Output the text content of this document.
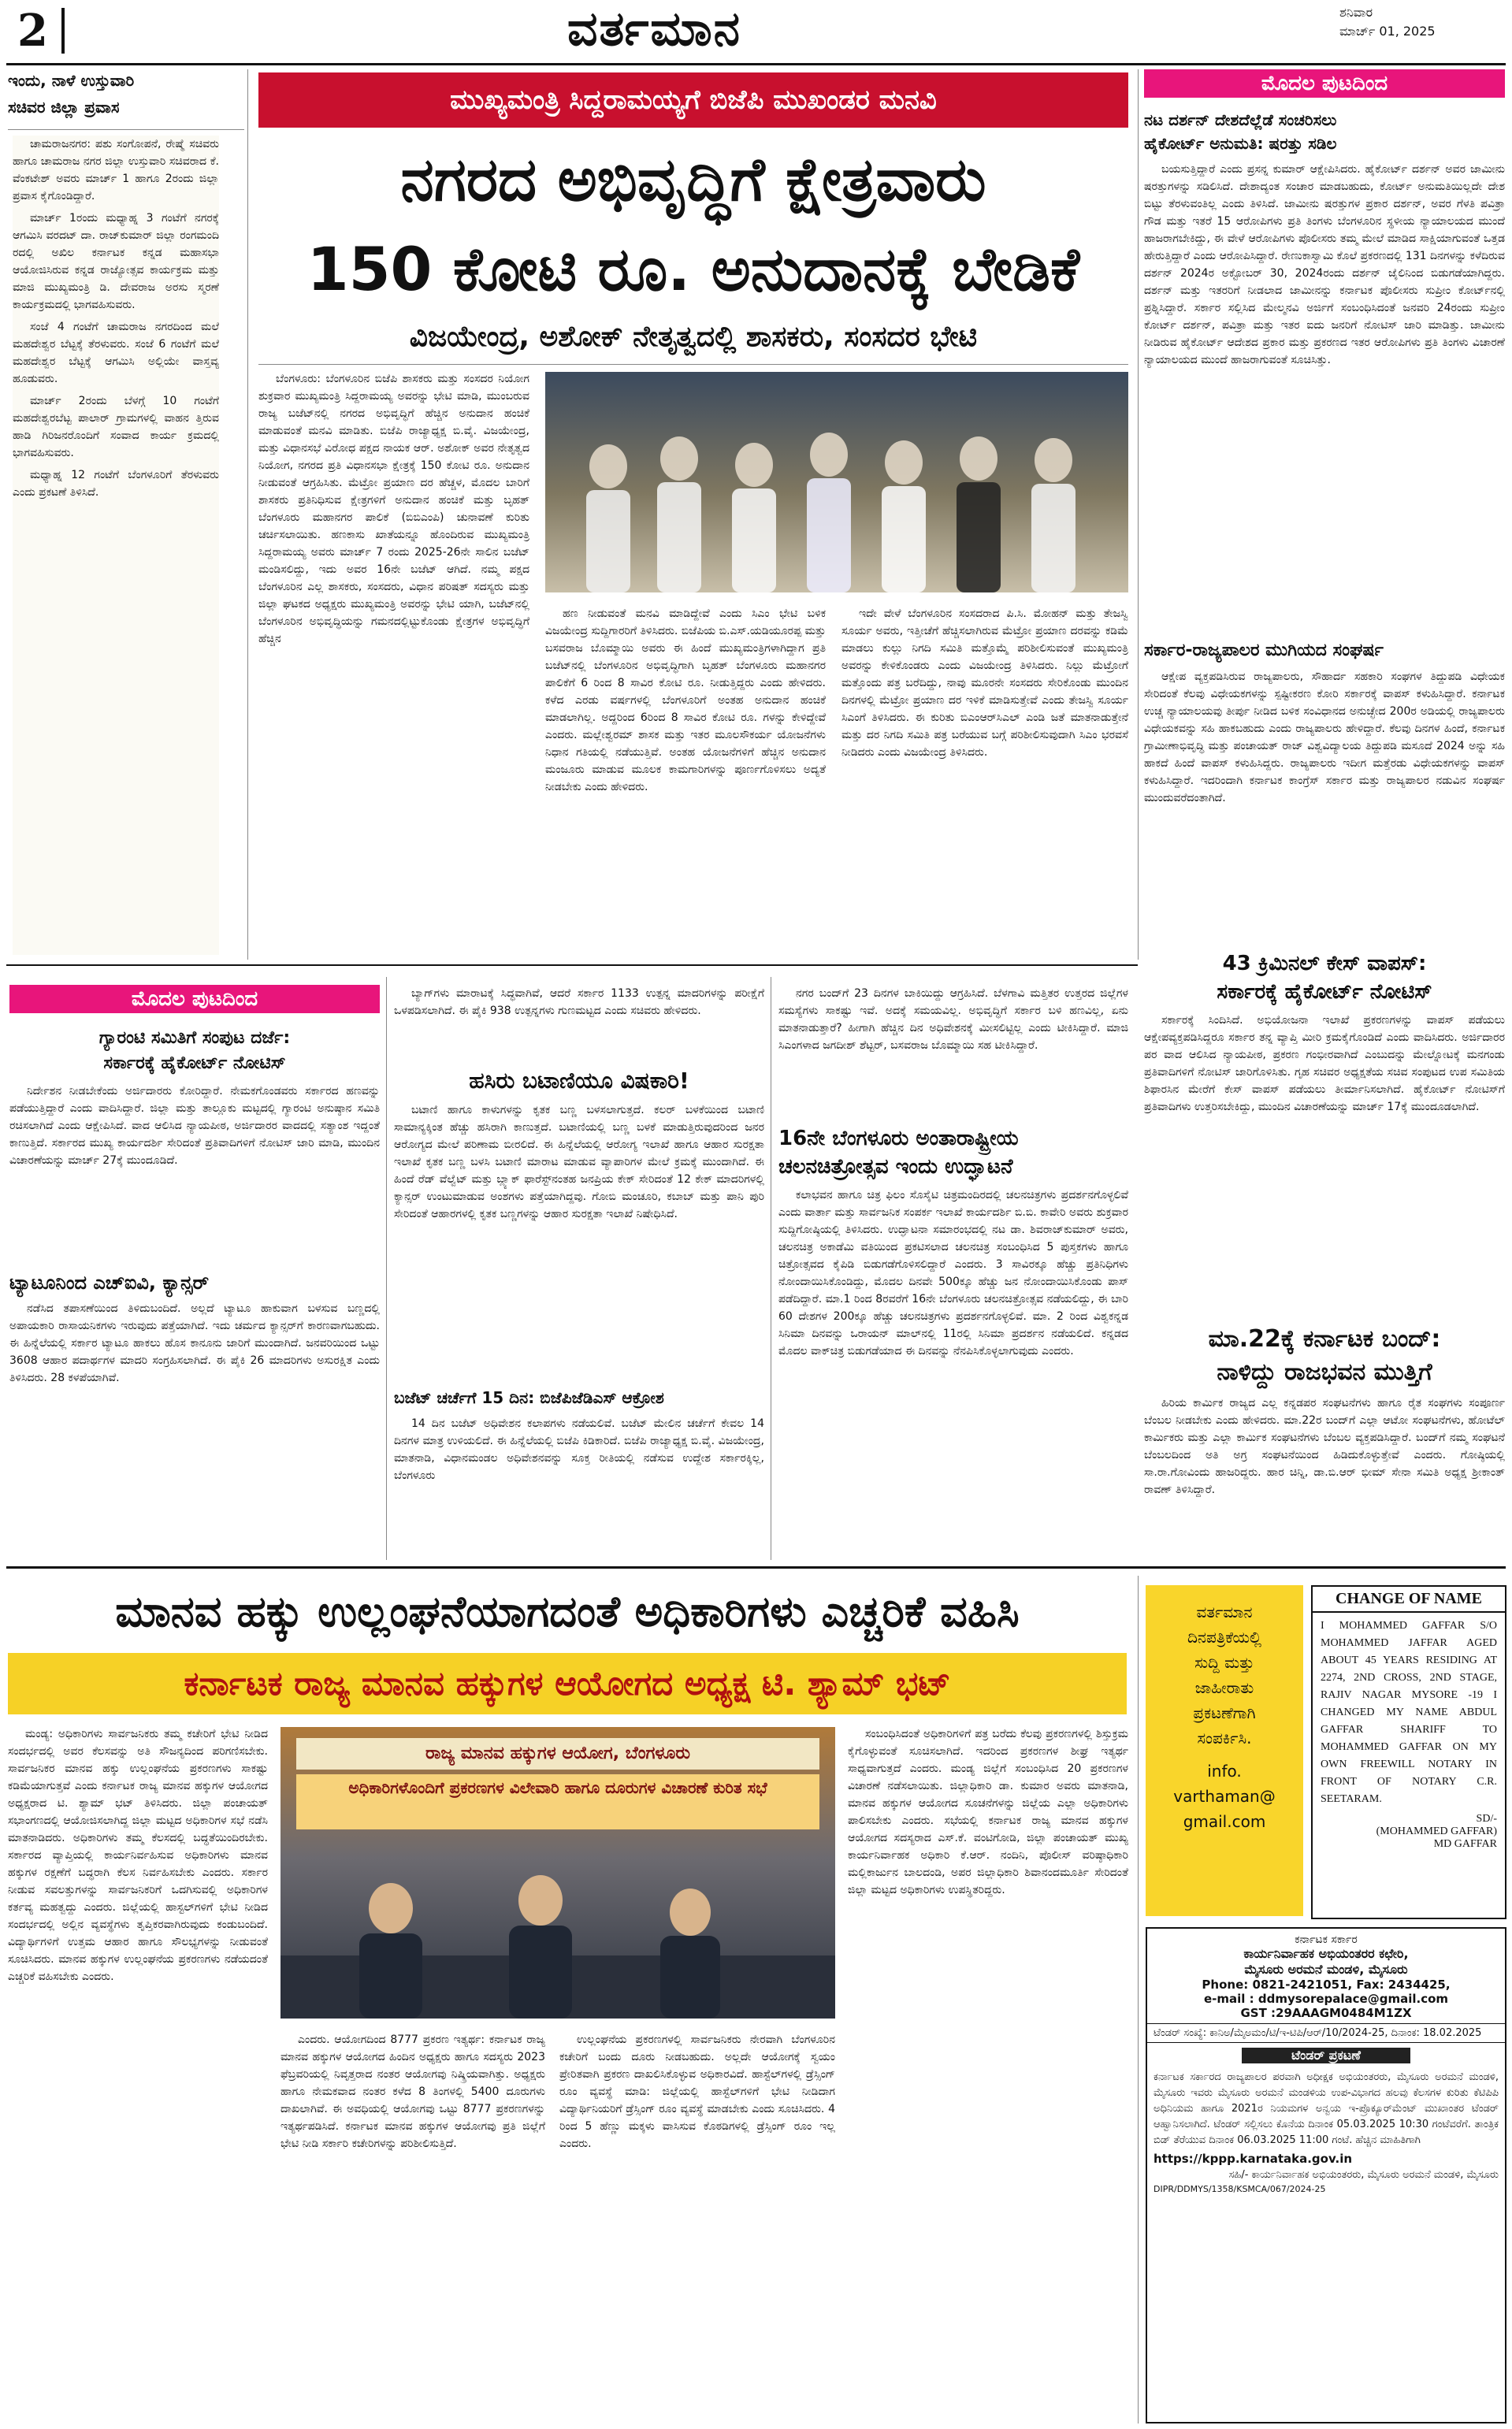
2	ವರ್ತಮಾನ	ಶನಿವಾರ
ಮಾರ್ಚ್ 01, 2025
ಇಂದು, ನಾಳೆ ಉಸ್ತುವಾರಿ
ಸಚಿವರ ಜಿಲ್ಲಾ ಪ್ರವಾಸ

ಚಾಮರಾಜನಗರ: ಪಶು ಸಂಗೋಪನೆ, ರೇಷ್ಮೆ ಸಚಿವರು ಹಾಗೂ ಚಾಮರಾಜ ನಗರ ಜಿಲ್ಲಾ ಉಸ್ತುವಾರಿ ಸಚಿವರಾದ ಕೆ. ವೆಂಕಟೇಶ್ ಅವರು ಮಾರ್ಚ್ 1 ಹಾಗೂ 2ರಂದು ಜಿಲ್ಲಾ ಪ್ರವಾಸ ಕೈಗೊಂಡಿದ್ದಾರೆ.

ಮಾರ್ಚ್ 1ರಂದು ಮಧ್ಯಾಹ್ನ 3 ಗಂಟೆಗೆ ನಗರಕ್ಕೆ ಆಗಮಿಸಿ ವರದಟ್ ದಾ. ರಾಜ್‌ಕುಮಾರ್ ಜಿಲ್ಲಾ ರಂಗಮಂದಿ ರದಲ್ಲಿ ಅಖಿಲ ಕರ್ನಾಟಕ ಕನ್ನಡ ಮಹಾಸಭಾ ಆಯೋಜಿಸಿರುವ ಕನ್ನಡ ರಾಜ್ಯೋತ್ಸವ ಕಾರ್ಯಕ್ರಮ ಮತ್ತು ಮಾಜಿ ಮುಖ್ಯಮಂತ್ರಿ ಡಿ. ದೇವರಾಜ ಅರಸು ಸ್ಮರಣೆ ಕಾರ್ಯಕ್ರಮದಲ್ಲಿ ಭಾಗವಹಿಸುವರು.

ಸಂಜೆ 4 ಗಂಟೆಗೆ ಚಾಮರಾಜ ನಗರದಿಂದ ಮಲೆ ಮಹದೇಶ್ವರ ಬೆಟ್ಟಕ್ಕೆ ತೆರಳುವರು. ಸಂಜೆ 6 ಗಂಟೆಗೆ ಮಲೆ ಮಹದೇಶ್ವರ ಬೆಟ್ಟಕ್ಕೆ ಆಗಮಿಸಿ ಅಲ್ಲಿಯೇ ವಾಸ್ತವ್ಯ ಹೂಡುವರು.

ಮಾರ್ಚ್ 2ರಂದು ಬೆಳಗ್ಗೆ 10 ಗಂಟೆಗೆ ಮಹದೇಶ್ವರಬೆಟ್ಟ ಪಾಲಾರ್ ಗ್ರಾಮಗಳಲ್ಲಿ ವಾಹನ ತ್ತಿರುವ ಹಾಡಿ ಗಿರಿಜನರೊಂದಿಗೆ ಸಂವಾದ ಕಾರ್ಯ ಕ್ರಮದಲ್ಲಿ ಭಾಗವಹಿಸುವರು.

ಮಧ್ಯಾಹ್ನ 12 ಗಂಟೆಗೆ ಬೆಂಗಳೂರಿಗೆ ತೆರಳುವರು ಎಂದು ಪ್ರಕಟಣೆ ತಿಳಿಸಿದೆ.

ಮುಖ್ಯಮಂತ್ರಿ ಸಿದ್ದರಾಮಯ್ಯಗೆ ಬಿಜೆಪಿ ಮುಖಂಡರ ಮನವಿ
ನಗರದ ಅಭಿವೃದ್ಧಿಗೆ ಕ್ಷೇತ್ರವಾರು
150 ಕೋಟಿ ರೂ. ಅನುದಾನಕ್ಕೆ ಬೇಡಿಕೆ
ವಿಜಯೇಂದ್ರ, ಅಶೋಕ್ ನೇತೃತ್ವದಲ್ಲಿ ಶಾಸಕರು, ಸಂಸದರ ಭೇಟಿ

ಬೆಂಗಳೂರು: ಬೆಂಗಳೂರಿನ ಬಿಜೆಪಿ ಶಾಸಕರು ಮತ್ತು ಸಂಸದರ ನಿಯೋಗ ಶುಕ್ರವಾರ ಮುಖ್ಯಮಂತ್ರಿ ಸಿದ್ದರಾಮಯ್ಯ ಅವರನ್ನು ಭೇಟಿ ಮಾಡಿ, ಮುಂಬರುವ ರಾಜ್ಯ ಬಜೆಟ್‌ನಲ್ಲಿ ನಗರದ ಅಭಿವೃದ್ಧಿಗೆ ಹೆಚ್ಚಿನ ಅನುದಾನ ಹಂಚಿಕೆ ಮಾಡುವಂತೆ ಮನವಿ ಮಾಡಿತು. ಬಿಜೆಪಿ ರಾಜ್ಯಾಧ್ಯಕ್ಷ ಬಿ.ವೈ. ವಿಜಯೇಂದ್ರ, ಮತ್ತು ವಿಧಾನಸಭೆ ವಿರೋಧ ಪಕ್ಷದ ನಾಯಕ ಆರ್. ಅಶೋಕ್ ಅವರ ನೇತೃತ್ವದ ನಿಯೋಗ, ನಗರದ ಪ್ರತಿ ವಿಧಾನಸಭಾ ಕ್ಷೇತ್ರಕ್ಕೆ 150 ಕೋಟಿ ರೂ. ಅನುದಾನ ನೀಡುವಂತೆ ಆಗ್ರಹಿಸಿತು. ಮೆಟ್ರೋ ಪ್ರಯಾಣ ದರ ಹೆಚ್ಚಳ, ಮೊದಲ ಬಾರಿಗೆ ಶಾಸಕರು ಪ್ರತಿನಿಧಿಸುವ ಕ್ಷೇತ್ರಗಳಿಗೆ ಅನುದಾನ ಹಂಚಿಕೆ ಮತ್ತು ಬೃಹತ್ ಬೆಂಗಳೂರು ಮಹಾನಗರ ಪಾಲಿಕೆ (ಬಿಬಿಎಂಪಿ) ಚುನಾವಣೆ ಕುರಿತು ಚರ್ಚಿಸಲಾಯಿತು. ಹಣಕಾಸು ಖಾತೆಯನ್ನೂ ಹೊಂದಿರುವ ಮುಖ್ಯಮಂತ್ರಿ ಸಿದ್ದರಾಮಯ್ಯ ಅವರು ಮಾರ್ಚ್ 7 ರಂದು 2025-26ನೇ ಸಾಲಿನ ಬಜೆಟ್ ಮಂಡಿಸಲಿದ್ದು, ಇದು ಅವರ 16ನೇ ಬಜೆಟ್ ಆಗಿದೆ. ನಮ್ಮ ಪಕ್ಷದ ಬೆಂಗಳೂರಿನ ಎಲ್ಲ ಶಾಸಕರು, ಸಂಸದರು, ವಿಧಾನ ಪರಿಷತ್ ಸದಸ್ಯರು ಮತ್ತು ಜಿಲ್ಲಾ ಘಟಕದ ಅಧ್ಯಕ್ಷರು ಮುಖ್ಯಮಂತ್ರಿ ಅವರನ್ನು ಭೇಟಿ ಯಾಗಿ, ಬಜೆಟ್‌ನಲ್ಲಿ ಬೆಂಗಳೂರಿನ ಅಭಿವೃದ್ಧಿಯನ್ನು ಗಮನದಲ್ಲಿಟ್ಟುಕೊಂಡು ಕ್ಷೇತ್ರಗಳ ಅಭಿವೃದ್ಧಿಗೆ ಹೆಚ್ಚಿನ

ಹಣ ನೀಡುವಂತೆ ಮನವಿ ಮಾಡಿದ್ದೇವೆ ಎಂದು ಸಿಎಂ ಭೇಟಿ ಬಳಿಕ ವಿಜಯೇಂದ್ರ ಸುದ್ದಿಗಾರರಿಗೆ ತಿಳಿಸಿದರು. ಬಿಜೆಪಿಯ ಬಿ.ಎಸ್.ಯಡಿಯೂರಪ್ಪ ಮತ್ತು ಬಸವರಾಜ ಬೊಮ್ಮಾಯಿ ಅವರು ಈ ಹಿಂದೆ ಮುಖ್ಯಮಂತ್ರಿಗಳಾಗಿದ್ದಾಗ ಪ್ರತಿ ಬಜೆಟ್‌ನಲ್ಲಿ ಬೆಂಗಳೂರಿನ ಅಭಿವೃದ್ಧಿಗಾಗಿ ಬೃಹತ್ ಬೆಂಗಳೂರು ಮಹಾನಗರ ಪಾಲಿಕೆಗೆ 6 ರಿಂದ 8 ಸಾವಿರ ಕೋಟಿ ರೂ. ನೀಡುತ್ತಿದ್ದರು ಎಂದು ಹೇಳಿದರು. ಕಳೆದ ಎರಡು ವರ್ಷಗಳಲ್ಲಿ ಬೆಂಗಳೂರಿಗೆ ಅಂತಹ ಅನುದಾನ ಹಂಚಿಕೆ ಮಾಡಲಾಗಿಲ್ಲ. ಅದ್ದರಿಂದ 6ರಿಂದ 8 ಸಾವಿರ ಕೋಟಿ ರೂ. ಗಳನ್ನು ಕೇಳಿದ್ದೇವೆ ಎಂದರು. ಮಲ್ಲೇಶ್ವರಮ್ ಶಾಸಕ ಮತ್ತು ಇತರ ಮೂಲಸೌಕರ್ಯ ಯೋಜನೆಗಳು ನಿಧಾನ ಗತಿಯಲ್ಲಿ ನಡೆಯುತ್ತಿವೆ. ಅಂತಹ ಯೋಜನೆಗಳಿಗೆ ಹೆಚ್ಚಿನ ಅನುದಾನ ಮಂಜೂರು ಮಾಡುವ ಮೂಲಕ ಕಾಮಗಾರಿಗಳನ್ನು ಪೂರ್ಣಗೊಳಿಸಲು ಅದ್ಯತೆ ನೀಡಬೇಕು ಎಂದು ಹೇಳಿದರು.

ಇದೇ ವೇಳೆ ಬೆಂಗಳೂರಿನ ಸಂಸದರಾದ ಪಿ.ಸಿ. ಮೋಹನ್ ಮತ್ತು ತೇಜಸ್ವಿ ಸೂರ್ಯ ಅವರು, ಇತ್ತೀಚೆಗೆ ಹೆಚ್ಚಿಸಲಾಗಿರುವ ಮೆಟ್ರೋ ಪ್ರಯಾಣ ದರವನ್ನು ಕಡಿಮೆ ಮಾಡಲು ಕುಲ್ಲು ನಿಗದಿ ಸಮಿತಿ ಮತ್ತೊಮ್ಮೆ ಪರಿಶೀಲಿಸುವಂತೆ ಮುಖ್ಯಮಂತ್ರಿ ಅವರನ್ನು ಕೇಳಿಕೊಂಡರು ಎಂದು ವಿಜಯೇಂದ್ರ ತಿಳಿಸಿದರು. ನಿಲ್ಲು ಮೆಟ್ರೋಗೆ ಮತ್ತೊಂದು ಪತ್ರ ಬರೆದಿದ್ದು, ನಾವು ಮೂರನೇ ಸಂಸದರು ಸೇರಿಕೊಂಡು ಮುಂದಿನ ದಿನಗಳಲ್ಲಿ ಮೆಟ್ರೋ ಪ್ರಯಾಣ ದರ ಇಳಿಕೆ ಮಾಡಿಸುತ್ತೇವೆ ಎಂದು ತೇಜಸ್ವಿ ಸೂರ್ಯ ಸಿಎಂಗೆ ತಿಳಿಸಿದರು. ಈ ಕುರಿತು ಬಿಎಂಆರ್‌ಸಿಎಲ್ ಎಂಡಿ ಜತೆ ಮಾತನಾಡುತ್ತೇನೆ ಮತ್ತು ದರ ನಿಗದಿ ಸಮಿತಿ ಪತ್ರ ಬರೆಯುವ ಬಗ್ಗೆ ಪರಿಶೀಲಿಸುವುದಾಗಿ ಸಿಎಂ ಭರವಸೆ ನೀಡಿದರು ಎಂದು ವಿಜಯೇಂದ್ರ ತಿಳಿಸಿದರು.

ಮೊದಲ ಪುಟದಿಂದ
ನಟ ದರ್ಶನ್ ದೇಶದೆಲ್ಲೆಡೆ ಸಂಚರಿಸಲು
ಹೈಕೋರ್ಟ್ ಅನುಮತಿ: ಷರತ್ತು ಸಡಿಲ

ಬಯಸುತ್ತಿದ್ದಾರೆ ಎಂದು ಪ್ರಸನ್ನ ಕುಮಾರ್ ಆಕ್ಷೇಪಿಸಿದರು. ಹೈಕೋರ್ಟ್ ದರ್ಶನ್ ಅವರ ಜಾಮೀನು ಷರತ್ತುಗಳನ್ನು ಸಡಿಲಿಸಿದೆ. ದೇಶಾದ್ಯಂತ ಸಂಚಾರ ಮಾಡಬಹುದು, ಕೋರ್ಟ್ ಅನುಮತಿಯಿಲ್ಲದೇ ದೇಶ ಬಿಟ್ಟು ತೆರಳುವಂತಿಲ್ಲ ಎಂದು ತಿಳಿಸಿದೆ. ಜಾಮೀನು ಷರತ್ತುಗಳ ಪ್ರಕಾರ ದರ್ಶನ್, ಅವರ ಗೆಳತಿ ಪವಿತ್ರಾ ಗೌಡ ಮತ್ತು ಇತರೆ 15 ಆರೋಪಿಗಳು ಪ್ರತಿ ತಿಂಗಳು ಬೆಂಗಳೂರಿನ ಸ್ಥಳೀಯ ನ್ಯಾಯಾಲಯದ ಮುಂದೆ ಹಾಜರಾಗಬೇಕಿದ್ದು, ಈ ವೇಳೆ ಆರೋಪಿಗಳು ಪೊಲೀಸರು ತಮ್ಮ ಮೇಲೆ ಮಾಡಿದ ಸಾಕ್ಷಿಯಾಗುವಂತೆ ಒತ್ತಡ ಹೇರುತ್ತಿದ್ದಾರೆ ಎಂದು ಆರೋಪಿಸಿದ್ದಾರೆ. ರೇಣುಕಾಸ್ವಾಮಿ ಕೊಲೆ ಪ್ರಕರಣದಲ್ಲಿ 131 ದಿನಗಳನ್ನು ಕಳೆದಿರುವ ದರ್ಶನ್ 2024ರ ಅಕ್ಟೋಬರ್ 30, 2024ರಂದು ದರ್ಶನ್ ಜೈಲಿನಿಂದ ಬಿಡುಗಡೆಯಾಗಿದ್ದರು. ದರ್ಶನ್ ಮತ್ತು ಇತರರಿಗೆ ನೀಡಲಾದ ಜಾಮೀನನ್ನು ಕರ್ನಾಟಕ ಪೊಲೀಸರು ಸುಪ್ರೀಂ ಕೋರ್ಟ್‌ನಲ್ಲಿ ಪ್ರಶ್ನಿಸಿದ್ದಾರೆ. ಸರ್ಕಾರ ಸಲ್ಲಿಸಿದ ಮೇಲ್ಮನವಿ ಅರ್ಜಿಗೆ ಸಂಬಂಧಿಸಿದಂತೆ ಜನವರಿ 24ರಂದು ಸುಪ್ರೀಂ ಕೋರ್ಟ್ ದರ್ಶನ್, ಪವಿತ್ರಾ ಮತ್ತು ಇತರ ಐದು ಜನರಿಗೆ ನೋಟಿಸ್ ಜಾರಿ ಮಾಡಿತ್ತು. ಜಾಮೀನು ನೀಡಿರುವ ಹೈಕೋರ್ಟ್ ಆದೇಶದ ಪ್ರಕಾರ ಮತ್ತು ಪ್ರಕರಣದ ಇತರ ಆರೋಪಿಗಳು ಪ್ರತಿ ತಿಂಗಳು ವಿಚಾರಣೆ ನ್ಯಾಯಾಲಯದ ಮುಂದೆ ಹಾಜರಾಗುವಂತೆ ಸೂಚಿಸಿತ್ತು.

ಸರ್ಕಾರ-ರಾಜ್ಯಪಾಲರ ಮುಗಿಯದ ಸಂಘರ್ಷ

ಆಕ್ಷೇಪ ವ್ಯಕ್ತಪಡಿಸಿರುವ ರಾಜ್ಯಪಾಲರು, ಸೌಹಾರ್ದ ಸಹಕಾರಿ ಸಂಘಗಳ ತಿದ್ದುಪಡಿ ವಿಧೇಯಕ ಸೇರಿದಂತೆ ಕೆಲವು ವಿಧೇಯಕಗಳನ್ನು ಸ್ಪಷ್ಟೀಕರಣ ಕೋರಿ ಸರ್ಕಾರಕ್ಕೆ ವಾಪಸ್ ಕಳುಹಿಸಿದ್ದಾರೆ. ಕರ್ನಾಟಕ ಉಚ್ಚ ನ್ಯಾಯಾಲಯವು ತೀರ್ಪು ನೀಡಿದ ಬಳಿಕ ಸಂವಿಧಾನದ ಅನುಚ್ಛೇದ 200ರ ಅಡಿಯಲ್ಲಿ ರಾಜ್ಯಪಾಲರು ವಿಧೇಯಕವನ್ನು ಸಹಿ ಹಾಕಬಹುದು ಎಂದು ರಾಜ್ಯಪಾಲರು ಹೇಳಿದ್ದಾರೆ. ಕೆಲವು ದಿನಗಳ ಹಿಂದೆ, ಕರ್ನಾಟಕ ಗ್ರಾಮೀಣಾಭಿವೃದ್ಧಿ ಮತ್ತು ಪಂಚಾಯತ್ ರಾಜ್ ವಿಶ್ವವಿದ್ಯಾಲಯ ತಿದ್ದುಪಡಿ ಮಸೂದೆ 2024 ಅನ್ನು ಸಹಿ ಹಾಕದೆ ಹಿಂದೆ ವಾಪಸ್ ಕಳುಹಿಸಿದ್ದರು. ರಾಜ್ಯಪಾಲರು ಇದೀಗ ಮತ್ತೆರಡು ವಿಧೇಯಕಗಳನ್ನು ವಾಪಸ್ ಕಳುಹಿಸಿದ್ದಾರೆ. ಇದರಿಂದಾಗಿ ಕರ್ನಾಟಕ ಕಾಂಗ್ರೆಸ್ ಸರ್ಕಾರ ಮತ್ತು ರಾಜ್ಯಪಾಲರ ನಡುವಿನ ಸಂಘರ್ಷ ಮುಂದುವರೆದಂತಾಗಿದೆ.

43 ಕ್ರಿಮಿನಲ್ ಕೇಸ್ ವಾಪಸ್:
ಸರ್ಕಾರಕ್ಕೆ ಹೈಕೋರ್ಟ್ ನೋಟಿಸ್

ಸರ್ಕಾರಕ್ಕೆ ಸಿಂದಿಸಿದೆ. ಅಭಿಯೋಜನಾ ಇಲಾಖೆ ಪ್ರಕರಣಗಳನ್ನು ವಾಪಸ್ ಪಡೆಯಲು ಆಕ್ಷೇಪವ್ಯಕ್ತಪಡಿಸಿದ್ದರೂ ಸರ್ಕಾರ ತನ್ನ ವ್ಯಾಪ್ತಿ ಮೀರಿ ಕ್ರಮಕೈಗೊಂಡಿದೆ ಎಂದು ವಾದಿಸಿದರು. ಅರ್ಜಿದಾರರ ಪರ ವಾದ ಆಲಿಸಿದ ನ್ಯಾಯಪೀಠ, ಪ್ರಕರಣ ಗಂಭೀರವಾಗಿದೆ ಎಂಬುದನ್ನು ಮೇಲ್ನೋಟಕ್ಕೆ ಮನಗಂಡು ಪ್ರತಿವಾದಿಗಳಿಗೆ ನೋಟಿಸ್ ಜಾರಿಗೊಳಿಸಿತು. ಗೃಹ ಸಚಿವರ ಅಧ್ಯಕ್ಷತೆಯ ಸಚಿವ ಸಂಪುಟದ ಉಪ ಸಮಿತಿಯ ಶಿಫಾರಸಿನ ಮೇರೆಗೆ ಕೇಸ್ ವಾಪಸ್ ಪಡೆಯಲು ತೀರ್ಮಾನಿಸಲಾಗಿದೆ. ಹೈಕೋರ್ಟ್ ನೋಟಿಸ್‌ಗೆ ಪ್ರತಿವಾದಿಗಳು ಉತ್ತರಿಸಬೇಕಿದ್ದು, ಮುಂದಿನ ವಿಚಾರಣೆಯನ್ನು ಮಾರ್ಚ್ 17ಕ್ಕೆ ಮುಂದೂಡಲಾಗಿದೆ.

ಮಾ.22ಕ್ಕೆ ಕರ್ನಾಟಕ ಬಂದ್:
ನಾಳಿದ್ದು ರಾಜಭವನ ಮುತ್ತಿಗೆ

ಹಿರಿಯ ಕಾರ್ಮಿಕ ರಾಜ್ಯದ ಎಲ್ಲ ಕನ್ನಡಪರ ಸಂಘಟನೆಗಳು ಹಾಗೂ ರೈತ ಸಂಘಗಳು ಸಂಪೂರ್ಣ ಬೆಂಬಲ ನೀಡಬೇಕು ಎಂದು ಹೇಳಿದರು. ಮಾ.22ರ ಬಂದ್‌ಗೆ ಎಲ್ಲಾ ಆಟೋ ಸಂಘಟನೆಗಳು, ಹೋಟೆಲ್ ಕಾರ್ಮಿಕರು ಮತ್ತು ಎಲ್ಲಾ ಕಾರ್ಮಿಕ ಸಂಘಟನೆಗಳು ಬೆಂಬಲ ವ್ಯಕ್ತಪಡಿಸಿದ್ದಾರೆ. ಬಂದ್‌ಗೆ ನಮ್ಮ ಸಂಘಟನೆ ಬೆಂಬಲದಿಂದ ಅತಿ ಅಗ್ರ ಸಂಘಟನೆಯಿಂದ ಹಿಡಿದುಕೊಳ್ಳುತ್ತೇವೆ ಎಂದರು. ಗೋಷ್ಠಿಯಲ್ಲಿ ಸಾ.ರಾ.ಗೋವಿಂದು ಹಾಜರಿದ್ದರು. ಹಾರ ಚಿನ್ನಿ, ಡಾ.ಬಿ.ಆರ್ ಭೀಮ್ ಸೇನಾ ಸಮಿತಿ ಅಧ್ಯಕ್ಷ ಶ್ರೀಕಾಂತ್ ರಾವಣ್ ತಿಳಿಸಿದ್ದಾರೆ.

ಮೊದಲ ಪುಟದಿಂದ
ಗ್ಯಾರಂಟಿ ಸಮಿತಿಗೆ ಸಂಪುಟ ದರ್ಜೆ:
ಸರ್ಕಾರಕ್ಕೆ ಹೈಕೋರ್ಟ್ ನೋಟಿಸ್

ನಿರ್ದೇಶನ ನೀಡಬೇಕೆಂದು ಅರ್ಜಿದಾರರು ಕೋರಿದ್ದಾರೆ. ನೇಮಕಗೊಂಡವರು ಸರ್ಕಾರದ ಹಣವನ್ನು ಪಡೆಯುತ್ತಿದ್ದಾರೆ ಎಂದು ವಾದಿಸಿದ್ದಾರೆ. ಜಿಲ್ಲಾ ಮತ್ತು ತಾಲ್ಲೂಕು ಮಟ್ಟದಲ್ಲಿ ಗ್ಯಾರಂಟಿ ಅನುಷ್ಠಾನ ಸಮಿತಿ ರಚಿಸಲಾಗಿದೆ ಎಂದು ಆಕ್ಷೇಪಿಸಿದೆ. ವಾದ ಆಲಿಸಿದ ನ್ಯಾಯಪೀಠ, ಅರ್ಜಿದಾರರ ವಾದದಲ್ಲಿ ಸತ್ಯಾಂಶ ಇದ್ದಂತೆ ಕಾಣುತ್ತಿದೆ. ಸರ್ಕಾರದ ಮುಖ್ಯ ಕಾರ್ಯದರ್ಶಿ ಸೇರಿದಂತೆ ಪ್ರತಿವಾದಿಗಳಿಗೆ ನೋಟಿಸ್ ಜಾರಿ ಮಾಡಿ, ಮುಂದಿನ ವಿಚಾರಣೆಯನ್ನು ಮಾರ್ಚ್ 27ಕ್ಕೆ ಮುಂದೂಡಿದೆ.

ಟ್ಯಾಟೂನಿಂದ ಎಚ್ಐವಿ, ಕ್ಯಾನ್ಸರ್

ನಡೆಸಿದ ತಪಾಸಣೆಯಿಂದ ತಿಳಿದುಬಂದಿದೆ. ಅಲ್ಲದೆ ಟ್ಯಾಟೂ ಹಾಕುವಾಗ ಬಳಸುವ ಬಣ್ಣದಲ್ಲಿ ಅಪಾಯಕಾರಿ ರಾಸಾಯನಿಕಗಳು ಇರುವುದು ಪತ್ತೆಯಾಗಿದೆ. ಇದು ಚರ್ಮದ ಕ್ಯಾನ್ಸರ್‌ಗೆ ಕಾರಣವಾಗಬಹುದು. ಈ ಹಿನ್ನೆಲೆಯಲ್ಲಿ ಸರ್ಕಾರ ಟ್ಯಾಟೂ ಹಾಕಲು ಹೊಸ ಕಾನೂನು ಜಾರಿಗೆ ಮುಂದಾಗಿದೆ. ಜನವರಿಯಿಂದ ಒಟ್ಟು 3608 ಆಹಾರ ಪದಾರ್ಥಗಳ ಮಾದರಿ ಸಂಗ್ರಹಿಸಲಾಗಿದೆ. ಈ ಪೈಕಿ 26 ಮಾದರಿಗಳು ಅಸುರಕ್ಷಿತ ಎಂದು ತಿಳಿಸಿದರು. 28 ಕಳಪೆಯಾಗಿವೆ.

ಬ್ಯಾಗ್‌ಗಳು ಮಾರಾಟಕ್ಕೆ ಸಿದ್ಧವಾಗಿವೆ, ಆದರೆ ಸರ್ಕಾರ 1133 ಉತ್ಪನ್ನ ಮಾದರಿಗಳನ್ನು ಪರೀಕ್ಷೆಗೆ ಒಳಪಡಿಸಲಾಗಿದೆ. ಈ ಪೈಕಿ 938 ಉತ್ಪನ್ನಗಳು ಗುಣಮಟ್ಟದ ಎಂದು ಸಚಿವರು ಹೇಳಿದರು.

ಹಸಿರು ಬಟಾಣಿಯೂ ವಿಷಕಾರಿ!

ಬಟಾಣಿ ಹಾಗೂ ಕಾಳುಗಳನ್ನು ಕೃತಕ ಬಣ್ಣ ಬಳಸಲಾಗುತ್ತದೆ. ಕಲರ್ ಬಳಕೆಯಿಂದ ಬಟಾಣಿ ಸಾಮಾನ್ಯಕ್ಕಿಂತ ಹೆಚ್ಚು ಹಸಿರಾಗಿ ಕಾಣುತ್ತದೆ. ಬಟಾಣಿಯಲ್ಲಿ ಬಣ್ಣ ಬಳಕೆ ಮಾಡುತ್ತಿರುವುದರಿಂದ ಜನರ ಆರೋಗ್ಯದ ಮೇಲೆ ಪರಿಣಾಮ ಬೀರಲಿದೆ. ಈ ಹಿನ್ನೆಲೆಯಲ್ಲಿ ಆರೋಗ್ಯ ಇಲಾಖೆ ಹಾಗೂ ಆಹಾರ ಸುರಕ್ಷತಾ ಇಲಾಖೆ ಕೃತಕ ಬಣ್ಣ ಬಳಸಿ ಬಟಾಣಿ ಮಾರಾಟ ಮಾಡುವ ವ್ಯಾಪಾರಿಗಳ ಮೇಲೆ ಕ್ರಮಕ್ಕೆ ಮುಂದಾಗಿದೆ. ಈ ಹಿಂದೆ ರೆಡ್ ವೆಲ್ವೆಟ್ ಮತ್ತು ಬ್ಲ್ಯಾಕ್ ಫಾರೆಸ್ಟ್‌ನಂತಹ ಜನಪ್ರಿಯ ಕೇಕ್ ಸೇರಿದಂತೆ 12 ಕೇಕ್ ಮಾದರಿಗಳಲ್ಲಿ ಕ್ಯಾನ್ಸರ್ ಉಂಟುಮಾಡುವ ಅಂಶಗಳು ಪತ್ತೆಯಾಗಿದ್ದವು. ಗೋಬಿ ಮಂಚೂರಿ, ಕಬಾಬ್ ಮತ್ತು ಪಾನಿ ಪುರಿ ಸೇರಿದಂತೆ ಆಹಾರಗಳಲ್ಲಿ ಕೃತಕ ಬಣ್ಣಗಳನ್ನು ಆಹಾರ ಸುರಕ್ಷತಾ ಇಲಾಖೆ ನಿಷೇಧಿಸಿದೆ.

ಬಜೆಟ್ ಚರ್ಚೆಗೆ 15 ದಿನ: ಬಿಜೆಪಿಜೆಡಿಎಸ್ ಆಕ್ರೋಶ

14 ದಿನ ಬಜೆಟ್ ಅಧಿವೇಶನ ಕಲಾಪಗಳು ನಡೆಯಲಿವೆ. ಬಜೆಟ್ ಮೇಲಿನ ಚರ್ಚೆಗೆ ಕೇವಲ 14 ದಿನಗಳ ಮಾತ್ರ ಉಳಿಯಲಿದೆ. ಈ ಹಿನ್ನೆಲೆಯಲ್ಲಿ ಬಿಜೆಪಿ ಕಿಡಿಕಾರಿದೆ. ಬಿಜೆಪಿ ರಾಜ್ಯಾಧ್ಯಕ್ಷ ಬಿ.ವೈ. ವಿಜಯೇಂದ್ರ, ಮಾತನಾಡಿ, ವಿಧಾನಮಂಡಲ ಅಧಿವೇಶನವನ್ನು ಸೂಕ್ತ ರೀತಿಯಲ್ಲಿ ನಡೆಸುವ ಉದ್ದೇಶ ಸರ್ಕಾರಕ್ಕಿಲ್ಲ, ಬೆಂಗಳೂರು

ನಗರ ಬಂದ್‌ಗೆ 23 ದಿನಗಳ ಬಾಕಿಯಿದ್ದು ಆಗ್ರಹಿಸಿದೆ. ಬೆಳಗಾವಿ ಮತ್ತಿತರ ಉತ್ತರದ ಜಿಲ್ಲೆಗಳ ಸಮಸ್ಯೆಗಳು ಸಾಕಷ್ಟು ಇವೆ. ಅದಕ್ಕೆ ಸಮಯವಿಲ್ಲ. ಅಭಿವೃದ್ಧಿಗೆ ಸರ್ಕಾರ ಬಳಿ ಹಣವಿಲ್ಲ, ಏನು ಮಾತನಾಡುತ್ತಾರೆ? ಹೀಗಾಗಿ ಹೆಚ್ಚಿನ ದಿನ ಅಧಿವೇಶನಕ್ಕೆ ಮೀಸಲಿಟ್ಟಿಲ್ಲ ಎಂದು ಟೀಕಿಸಿದ್ದಾರೆ. ಮಾಜಿ ಸಿಎಂಗಳಾದ ಜಗದೀಶ್ ಶೆಟ್ಟರ್, ಬಸವರಾಜ ಬೊಮ್ಮಾಯಿ ಸಹ ಟೀಕಿಸಿದ್ದಾರೆ.

16ನೇ ಬೆಂಗಳೂರು ಅಂತಾರಾಷ್ಟ್ರೀಯ
ಚಲನಚಿತ್ರೋತ್ಸವ ಇಂದು ಉದ್ಘಾಟನೆ

ಕಲಾಭವನ ಹಾಗೂ ಚಿತ್ರ ಫಿಲಂ ಸೊಸೈಟಿ ಚಿತ್ರಮಂದಿರದಲ್ಲಿ ಚಲನಚಿತ್ರಗಳು ಪ್ರದರ್ಶನಗೊಳ್ಳಲಿವೆ ಎಂದು ವಾರ್ತಾ ಮತ್ತು ಸಾರ್ವಜನಿಕ ಸಂಪರ್ಕ ಇಲಾಖೆ ಕಾರ್ಯದರ್ಶಿ ಬಿ.ಬಿ. ಕಾವೇರಿ ಅವರು ಶುಕ್ರವಾರ ಸುದ್ದಿಗೋಷ್ಠಿಯಲ್ಲಿ ತಿಳಿಸಿದರು. ಉದ್ಘಾಟನಾ ಸಮಾರಂಭದಲ್ಲಿ ನಟ ಡಾ. ಶಿವರಾಜ್‌ಕುಮಾರ್ ಅವರು, ಚಲನಚಿತ್ರ ಅಕಾಡೆಮಿ ವತಿಯಿಂದ ಪ್ರಕಟಿಸಲಾದ ಚಲನಚಿತ್ರ ಸಂಬಂಧಿಸಿದ 5 ಪುಸ್ತಕಗಳು ಹಾಗೂ ಚಿತ್ರೋತ್ಸವದ ಕೈಪಿಡಿ ಬಿಡುಗಡೆಗೊಳಿಸಲಿದ್ದಾರೆ ಎಂದರು. 3 ಸಾವಿರಕ್ಕೂ ಹೆಚ್ಚು ಪ್ರತಿನಿಧಿಗಳು ನೋಂದಾಯಿಸಿಕೊಂಡಿದ್ದು, ಮೊದಲ ದಿನವೇ 500ಕ್ಕೂ ಹೆಚ್ಚು ಜನ ನೋಂದಾಯಿಸಿಕೊಂಡು ಪಾಸ್ ಪಡೆದಿದ್ದಾರೆ. ಮಾ.1 ರಿಂದ 8ರವರೆಗೆ 16ನೇ ಬೆಂಗಳೂರು ಚಲನಚಿತ್ರೋತ್ಸವ ನಡೆಯಲಿದ್ದು, ಈ ಬಾರಿ 60 ದೇಶಗಳ 200ಕ್ಕೂ ಹೆಚ್ಚು ಚಲನಚಿತ್ರಗಳು ಪ್ರದರ್ಶನಗೊಳ್ಳಲಿವೆ. ಮಾ. 2 ರಿಂದ ವಿಶ್ವಕನ್ನಡ ಸಿನಿಮಾ ದಿನವನ್ನು ಒರಾಯನ್ ಮಾಲ್‌ನಲ್ಲಿ 11ರಲ್ಲಿ ಸಿನಿಮಾ ಪ್ರದರ್ಶನ ನಡೆಯಲಿದೆ. ಕನ್ನಡದ ಮೊದಲ ವಾಕ್‌ಚಿತ್ರ ಬಿಡುಗಡೆಯಾದ ಈ ದಿನವನ್ನು ನೆನಪಿಸಿಕೊಳ್ಳಲಾಗುವುದು ಎಂದರು.

ಮಾನವ ಹಕ್ಕು ಉಲ್ಲಂಘನೆಯಾಗದಂತೆ ಅಧಿಕಾರಿಗಳು ಎಚ್ಚರಿಕೆ ವಹಿಸಿ
ಕರ್ನಾಟಕ ರಾಜ್ಯ ಮಾನವ ಹಕ್ಕುಗಳ ಆಯೋಗದ ಅಧ್ಯಕ್ಷ ಟಿ. ಶ್ಯಾಮ್ ಭಟ್

ಮಂಡ್ಯ: ಅಧಿಕಾರಿಗಳು ಸಾರ್ವಜನಿಕರು ತಮ್ಮ ಕಚೇರಿಗೆ ಭೇಟಿ ನೀಡಿದ ಸಂದರ್ಭದಲ್ಲಿ ಅವರ ಕೆಲಸವನ್ನು ಅತಿ ಸೌಜನ್ಯದಿಂದ ಪರಿಗಣಿಸಬೇಕು. ಸಾರ್ವಜನಿಕರ ಮಾನವ ಹಕ್ಕು ಉಲ್ಲಂಘನೆಯ ಪ್ರಕರಣಗಳು ಸಾಕಷ್ಟು ಕಡಿಮೆಯಾಗುತ್ತವೆ ಎಂದು ಕರ್ನಾಟಕ ರಾಜ್ಯ ಮಾನವ ಹಕ್ಕುಗಳ ಆಯೋಗದ ಅಧ್ಯಕ್ಷರಾದ ಟಿ. ಶ್ಯಾಮ್ ಭಟ್ ತಿಳಿಸಿದರು. ಜಿಲ್ಲಾ ಪಂಚಾಯತ್ ಸಭಾಂಗಣದಲ್ಲಿ ಆಯೋಜಿಸಲಾಗಿದ್ದ ಜಿಲ್ಲಾ ಮಟ್ಟದ ಅಧಿಕಾರಿಗಳ ಸಭೆ ನಡೆಸಿ ಮಾತನಾಡಿದರು. ಅಧಿಕಾರಿಗಳು ತಮ್ಮ ಕೆಲಸದಲ್ಲಿ ಬದ್ಧತೆಯಿಂದಿರಬೇಕು. ಸರ್ಕಾರದ ವ್ಯಾಪ್ತಿಯಲ್ಲಿ ಕಾರ್ಯನಿರ್ವಹಿಸುವ ಅಧಿಕಾರಿಗಳು ಮಾನವ ಹಕ್ಕುಗಳ ರಕ್ಷಣೆಗೆ ಬದ್ಧರಾಗಿ ಕೆಲಸ ನಿರ್ವಹಿಸಬೇಕು ಎಂದರು. ಸರ್ಕಾರ ನೀಡುವ ಸವಲತ್ತುಗಳನ್ನು ಸಾರ್ವಜನಿಕರಿಗೆ ಒದಗಿಸುವಲ್ಲಿ ಅಧಿಕಾರಿಗಳ ಕರ್ತವ್ಯ ಮಹತ್ವದ್ದು ಎಂದರು. ಜಿಲ್ಲೆಯಲ್ಲಿ ಹಾಸ್ಟಲ್‌ಗಳಿಗೆ ಭೇಟಿ ನೀಡಿದ ಸಂದರ್ಭದಲ್ಲಿ ಅಲ್ಲಿನ ವ್ಯವಸ್ಥೆಗಳು ತೃಪ್ತಿಕರವಾಗಿರುವುದು ಕಂಡುಬಂದಿದೆ. ವಿದ್ಯಾರ್ಥಿಗಳಿಗೆ ಉತ್ತಮ ಆಹಾರ ಹಾಗೂ ಸೌಲಭ್ಯಗಳನ್ನು ನೀಡುವಂತೆ ಸೂಚಿಸಿದರು. ಮಾನವ ಹಕ್ಕುಗಳ ಉಲ್ಲಂಘನೆಯ ಪ್ರಕರಣಗಳು ನಡೆಯದಂತೆ ಎಚ್ಚರಿಕೆ ವಹಿಸಬೇಕು ಎಂದರು.

ರಾಜ್ಯ ಮಾನವ ಹಕ್ಕುಗಳ ಆಯೋಗ, ಬೆಂಗಳೂರು
ಅಧಿಕಾರಿಗಳೊಂದಿಗೆ ಪ್ರಕರಣಗಳ ವಿಲೇವಾರಿ ಹಾಗೂ ದೂರುಗಳ ವಿಚಾರಣೆ ಕುರಿತ ಸಭೆ

ಎಂದರು. ಆಯೋಗದಿಂದ 8777 ಪ್ರಕರಣ ಇತ್ಯರ್ಥ: ಕರ್ನಾಟಕ ರಾಜ್ಯ ಮಾನವ ಹಕ್ಕುಗಳ ಆಯೋಗದ ಹಿಂದಿನ ಅಧ್ಯಕ್ಷರು ಹಾಗೂ ಸದಸ್ಯರು 2023 ಫೆಬ್ರವರಿಯಲ್ಲಿ ನಿವೃತ್ತರಾದ ನಂತರ ಆಯೋಗವು ನಿಷ್ಕ್ರಿಯವಾಗಿತ್ತು. ಅಧ್ಯಕ್ಷರು ಹಾಗೂ ನೇಮಕವಾದ ನಂತರ ಕಳೆದ 8 ತಿಂಗಳಲ್ಲಿ 5400 ದೂರುಗಳು ದಾಖಲಾಗಿವೆ. ಈ ಅವಧಿಯಲ್ಲಿ ಆಯೋಗವು ಒಟ್ಟು 8777 ಪ್ರಕರಣಗಳನ್ನು ಇತ್ಯರ್ಥಪಡಿಸಿದೆ. ಕರ್ನಾಟಕ ಮಾನವ ಹಕ್ಕುಗಳ ಆಯೋಗವು ಪ್ರತಿ ಜಿಲ್ಲೆಗೆ ಭೇಟಿ ನೀಡಿ ಸರ್ಕಾರಿ ಕಚೇರಿಗಳನ್ನು ಪರಿಶೀಲಿಸುತ್ತಿದೆ.

ಉಲ್ಲಂಘನೆಯ ಪ್ರಕರಣಗಳಲ್ಲಿ ಸಾರ್ವಜನಿಕರು ನೇರವಾಗಿ ಬೆಂಗಳೂರಿನ ಕಚೇರಿಗೆ ಬಂದು ದೂರು ನೀಡಬಹುದು. ಅಲ್ಲದೇ ಆಯೋಗಕ್ಕೆ ಸ್ವಯಂ ಪ್ರೇರಿತವಾಗಿ ಪ್ರಕರಣ ದಾಖಲಿಸಿಕೊಳ್ಳುವ ಅಧಿಕಾರವಿದೆ. ಹಾಸ್ಟೆಲ್‌ಗಳಲ್ಲಿ ಡ್ರೆಸ್ಸಿಂಗ್ ರೂಂ ವ್ಯವಸ್ಥೆ ಮಾಡಿ: ಜಿಲ್ಲೆಯಲ್ಲಿ ಹಾಸ್ಟೆಲ್‌ಗಳಿಗೆ ಭೇಟಿ ನೀಡಿದಾಗ ವಿದ್ಯಾರ್ಥಿನಿಯರಿಗೆ ಡ್ರೆಸ್ಸಿಂಗ್ ರೂಂ ವ್ಯವಸ್ಥೆ ಮಾಡಬೇಕು ಎಂದು ಸೂಚಿಸಿದರು. 4 ರಿಂದ 5 ಹೆಣ್ಣು ಮಕ್ಕಳು ವಾಸಿಸುವ ಕೊಠಡಿಗಳಲ್ಲಿ ಡ್ರೆಸ್ಸಿಂಗ್ ರೂಂ ಇಲ್ಲ ಎಂದರು.

ಸಂಬಂಧಿಸಿದಂತೆ ಅಧಿಕಾರಿಗಳಿಗೆ ಪತ್ರ ಬರೆದು ಕೆಲವು ಪ್ರಕರಣಗಳಲ್ಲಿ ಶಿಸ್ತುಕ್ರಮ ಕೈಗೊಳ್ಳುವಂತೆ ಸೂಚಿಸಲಾಗಿದೆ. ಇದರಿಂದ ಪ್ರಕರಣಗಳ ಶೀಘ್ರ ಇತ್ಯರ್ಥ ಸಾಧ್ಯವಾಗುತ್ತದೆ ಎಂದರು. ಮಂಡ್ಯ ಜಿಲ್ಲೆಗೆ ಸಂಬಂಧಿಸಿದ 20 ಪ್ರಕರಣಗಳ ವಿಚಾರಣೆ ನಡೆಸಲಾಯಿತು. ಜಿಲ್ಲಾಧಿಕಾರಿ ಡಾ. ಕುಮಾರ ಅವರು ಮಾತನಾಡಿ, ಮಾನವ ಹಕ್ಕುಗಳ ಆಯೋಗದ ಸೂಚನೆಗಳನ್ನು ಜಿಲ್ಲೆಯ ಎಲ್ಲಾ ಅಧಿಕಾರಿಗಳು ಪಾಲಿಸಬೇಕು ಎಂದರು. ಸಭೆಯಲ್ಲಿ ಕರ್ನಾಟಕ ರಾಜ್ಯ ಮಾನವ ಹಕ್ಕುಗಳ ಆಯೋಗದ ಸದಸ್ಯರಾದ ಎಸ್.ಕೆ. ವಂಟಿಗೋಡಿ, ಜಿಲ್ಲಾ ಪಂಚಾಯತ್ ಮುಖ್ಯ ಕಾರ್ಯನಿರ್ವಾಹಕ ಅಧಿಕಾರಿ ಕೆ.ಆರ್. ನಂದಿನಿ, ಪೊಲೀಸ್ ವರಿಷ್ಠಾಧಿಕಾರಿ ಮಲ್ಲಿಕಾರ್ಜುನ ಬಾಲದಂಡಿ, ಅಪರ ಜಿಲ್ಲಾಧಿಕಾರಿ ಶಿವಾನಂದಮೂರ್ತಿ ಸೇರಿದಂತೆ ಜಿಲ್ಲಾ ಮಟ್ಟದ ಅಧಿಕಾರಿಗಳು ಉಪಸ್ಥಿತರಿದ್ದರು.

ವರ್ತಮಾನ
ದಿನಪತ್ರಿಕೆಯಲ್ಲಿ
ಸುದ್ದಿ ಮತ್ತು
ಜಾಹೀರಾತು
ಪ್ರಕಟಣೆಗಾಗಿ
ಸಂಪರ್ಕಿಸಿ.
info.
varthaman@
gmail.com
CHANGE OF NAME
I MOHAMMED GAFFAR S/O MOHAMMED JAFFAR AGED ABOUT 45 YEARS RESIDING AT 2274, 2ND CROSS, 2ND STAGE, RAJIV NAGAR MYSORE -19 I CHANGED MY NAME ABDUL GAFFAR SHARIFF TO MOHAMMED GAFFAR ON MY OWN FREEWILL NOTARY IN FRONT OF NOTARY C.R. SEETARAM.
SD/-
(MOHAMMED GAFFAR)
MD GAFFAR
ಕರ್ನಾಟಕ ಸರ್ಕಾರ
ಕಾರ್ಯನಿರ್ವಾಹಕ ಅಭಿಯಂತರರ ಕಛೇರಿ,
ಮೈಸೂರು ಅರಮನೆ ಮಂಡಳಿ, ಮೈಸೂರು
Phone: 0821-2421051, Fax: 2434425,
e-mail : ddmysorepalace@gmail.com
GST :29AAAGM0484M1ZX
ಟೆಂಡರ್ ಸಂಖ್ಯೆ: ಕಾನಿಅ/ಮೈಅಮಂ/ಟಿ/ಇ-ಟಿಪಿ/ಆರ್/10/2024-25, ದಿನಾಂಕ: 18.02.2025
ಟೆಂಡರ್ ಪ್ರಕಟಣೆ
ಕರ್ನಾಟಕ ಸರ್ಕಾರದ ರಾಜ್ಯಪಾಲರ ಪರವಾಗಿ ಅಧೀಕ್ಷಕ ಅಭಿಯಂತರರು, ಮೈಸೂರು ಅರಮನೆ ಮಂಡಳಿ, ಮೈಸೂರು ಇವರು ಮೈಸೂರು ಅರಮನೆ ಮಂಡಳಿಯ ಉಪ-ವಿಭಾಗದ ಹಲವು ಕೆಲಸಗಳ ಕುರಿತು ಕೆಟಿಪಿಪಿ ಅಧಿನಿಯಮ ಹಾಗೂ 2021ರ ನಿಯಮಗಳ ಅನ್ವಯ ಇ-ಪ್ರೊಕ್ಯೂರ್‌ಮೆಂಟ್ ಮುಖಾಂತರ ಟೆಂಡರ್ ಆಹ್ವಾನಿಸಲಾಗಿದೆ. ಟೆಂಡರ್ ಸಲ್ಲಿಸಲು ಕೊನೆಯ ದಿನಾಂಕ 05.03.2025 10:30 ಗಂಟೆವರೆಗೆ. ತಾಂತ್ರಿಕ ಬಿಡ್ ತೆರೆಯುವ ದಿನಾಂಕ 06.03.2025 11:00 ಗಂಟೆ. ಹೆಚ್ಚಿನ ಮಾಹಿತಿಗಾಗಿ
https://kppp.karnataka.gov.in
ಸಹಿ/- ಕಾರ್ಯನಿರ್ವಾಹಕ ಅಭಿಯಂತರರು, ಮೈಸೂರು ಅರಮನೆ ಮಂಡಳಿ, ಮೈಸೂರು
DIPR/DDMYS/1358/KSMCA/067/2024-25
